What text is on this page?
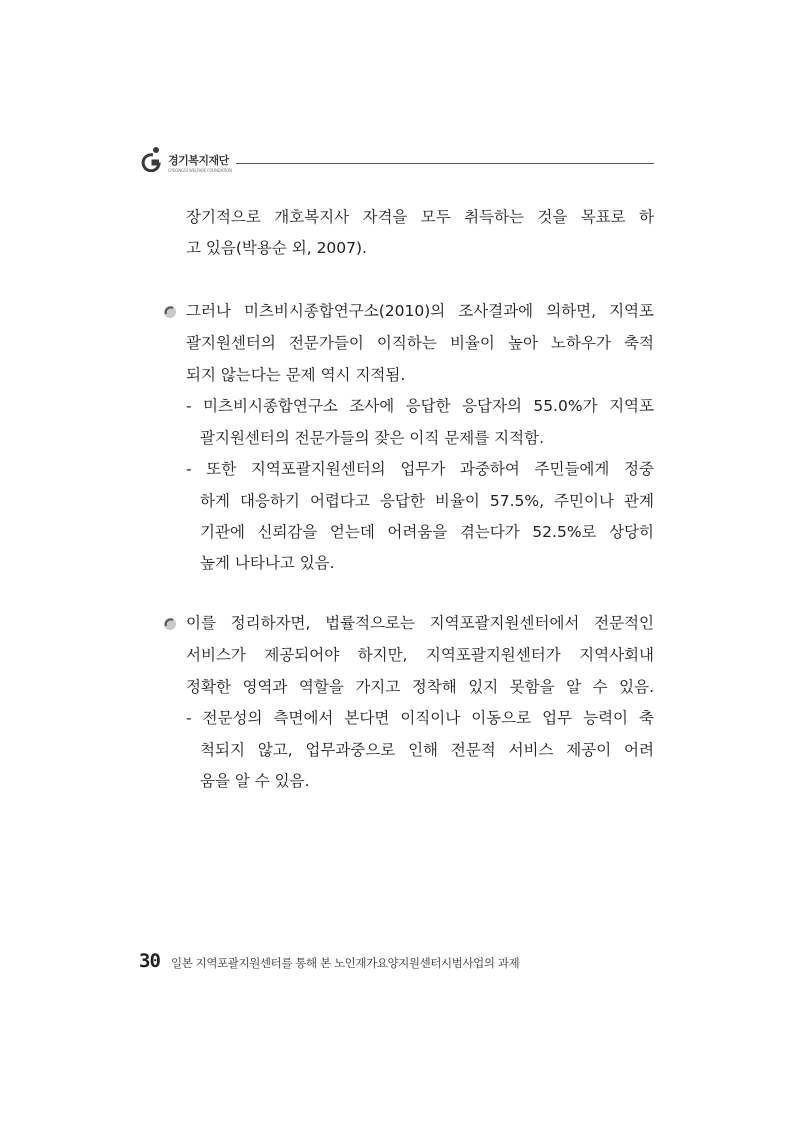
경기복지재단
GYEONGGI WELFARE FOUNDATION
장기적으로 개호복지사 자격을 모두 취득하는 것을 목표로 하
고 있음(박용순 외, 2007).
그러나 미츠비시종합연구소(2010)의 조사결과에 의하면, 지역포
괄지원센터의 전문가들이 이직하는 비율이 높아 노하우가 축적
되지 않는다는 문제 역시 지적됨.
- 미츠비시종합연구소 조사에 응답한 응답자의 55.0%가 지역포
괄지원센터의 전문가들의 잦은 이직 문제를 지적함.
- 또한 지역포괄지원센터의 업무가 과중하여 주민들에게 정중
하게 대응하기 어렵다고 응답한 비율이 57.5%, 주민이나 관계
기관에 신뢰감을 얻는데 어려움을 겪는다가 52.5%로 상당히
높게 나타나고 있음.
이를 정리하자면, 법률적으로는 지역포괄지원센터에서 전문적인
서비스가 제공되어야 하지만, 지역포괄지원센터가 지역사회내
정확한 영역과 역할을 가지고 정착해 있지 못함을 알 수 있음.
- 전문성의 측면에서 본다면 이직이나 이동으로 업무 능력이 축
척되지 않고, 업무과중으로 인해 전문적 서비스 제공이 어려
움을 알 수 있음.
30 일본 지역포괄지원센터를 통해 본 노인재가요양지원센터시범사업의 과제
